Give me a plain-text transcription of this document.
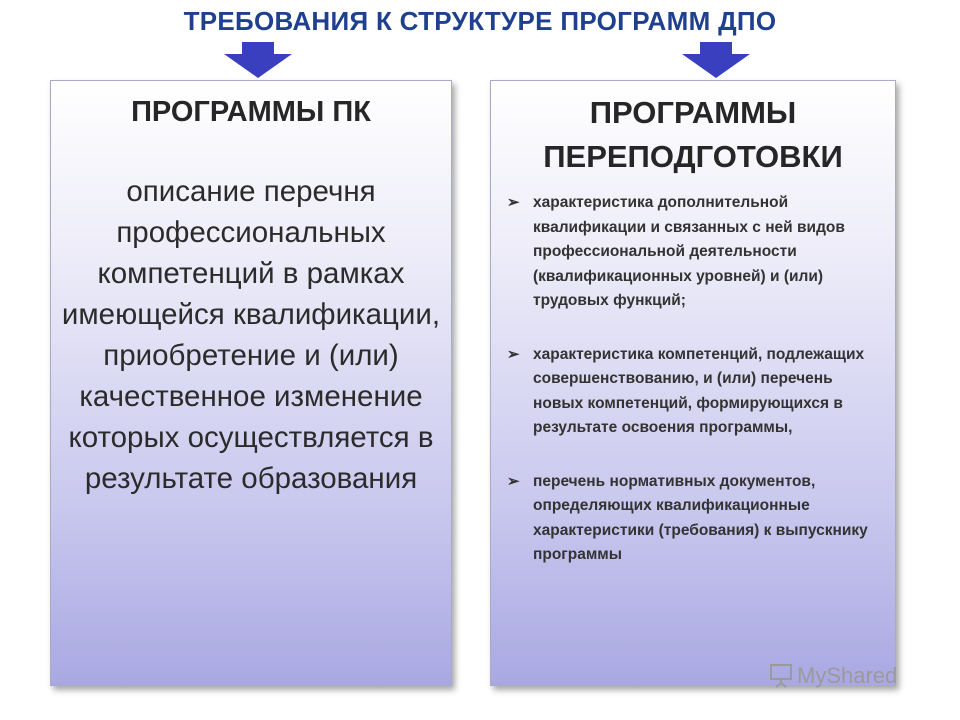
ТРЕБОВАНИЯ К СТРУКТУРЕ ПРОГРАММ ДПО
ПРОГРАММЫ ПК
описание перечня профессиональных компетенций в рамках имеющейся квалификации, приобретение и (или) качественное изменение которых осуществляется в результате образования
ПРОГРАММЫ
ПЕРЕПОДГОТОВКИ
➢ характеристика дополнительной квалификации и связанных с ней видов профессиональной деятельности (квалификационных уровней) и (или) трудовых функций;
➢ характеристика компетенций, подлежащих совершенствованию, и (или) перечень новых компетенций, формирующихся в результате освоения программы,
➢ перечень нормативных документов, определяющих квалификационные характеристики (требования) к выпускнику программы
MyShared
